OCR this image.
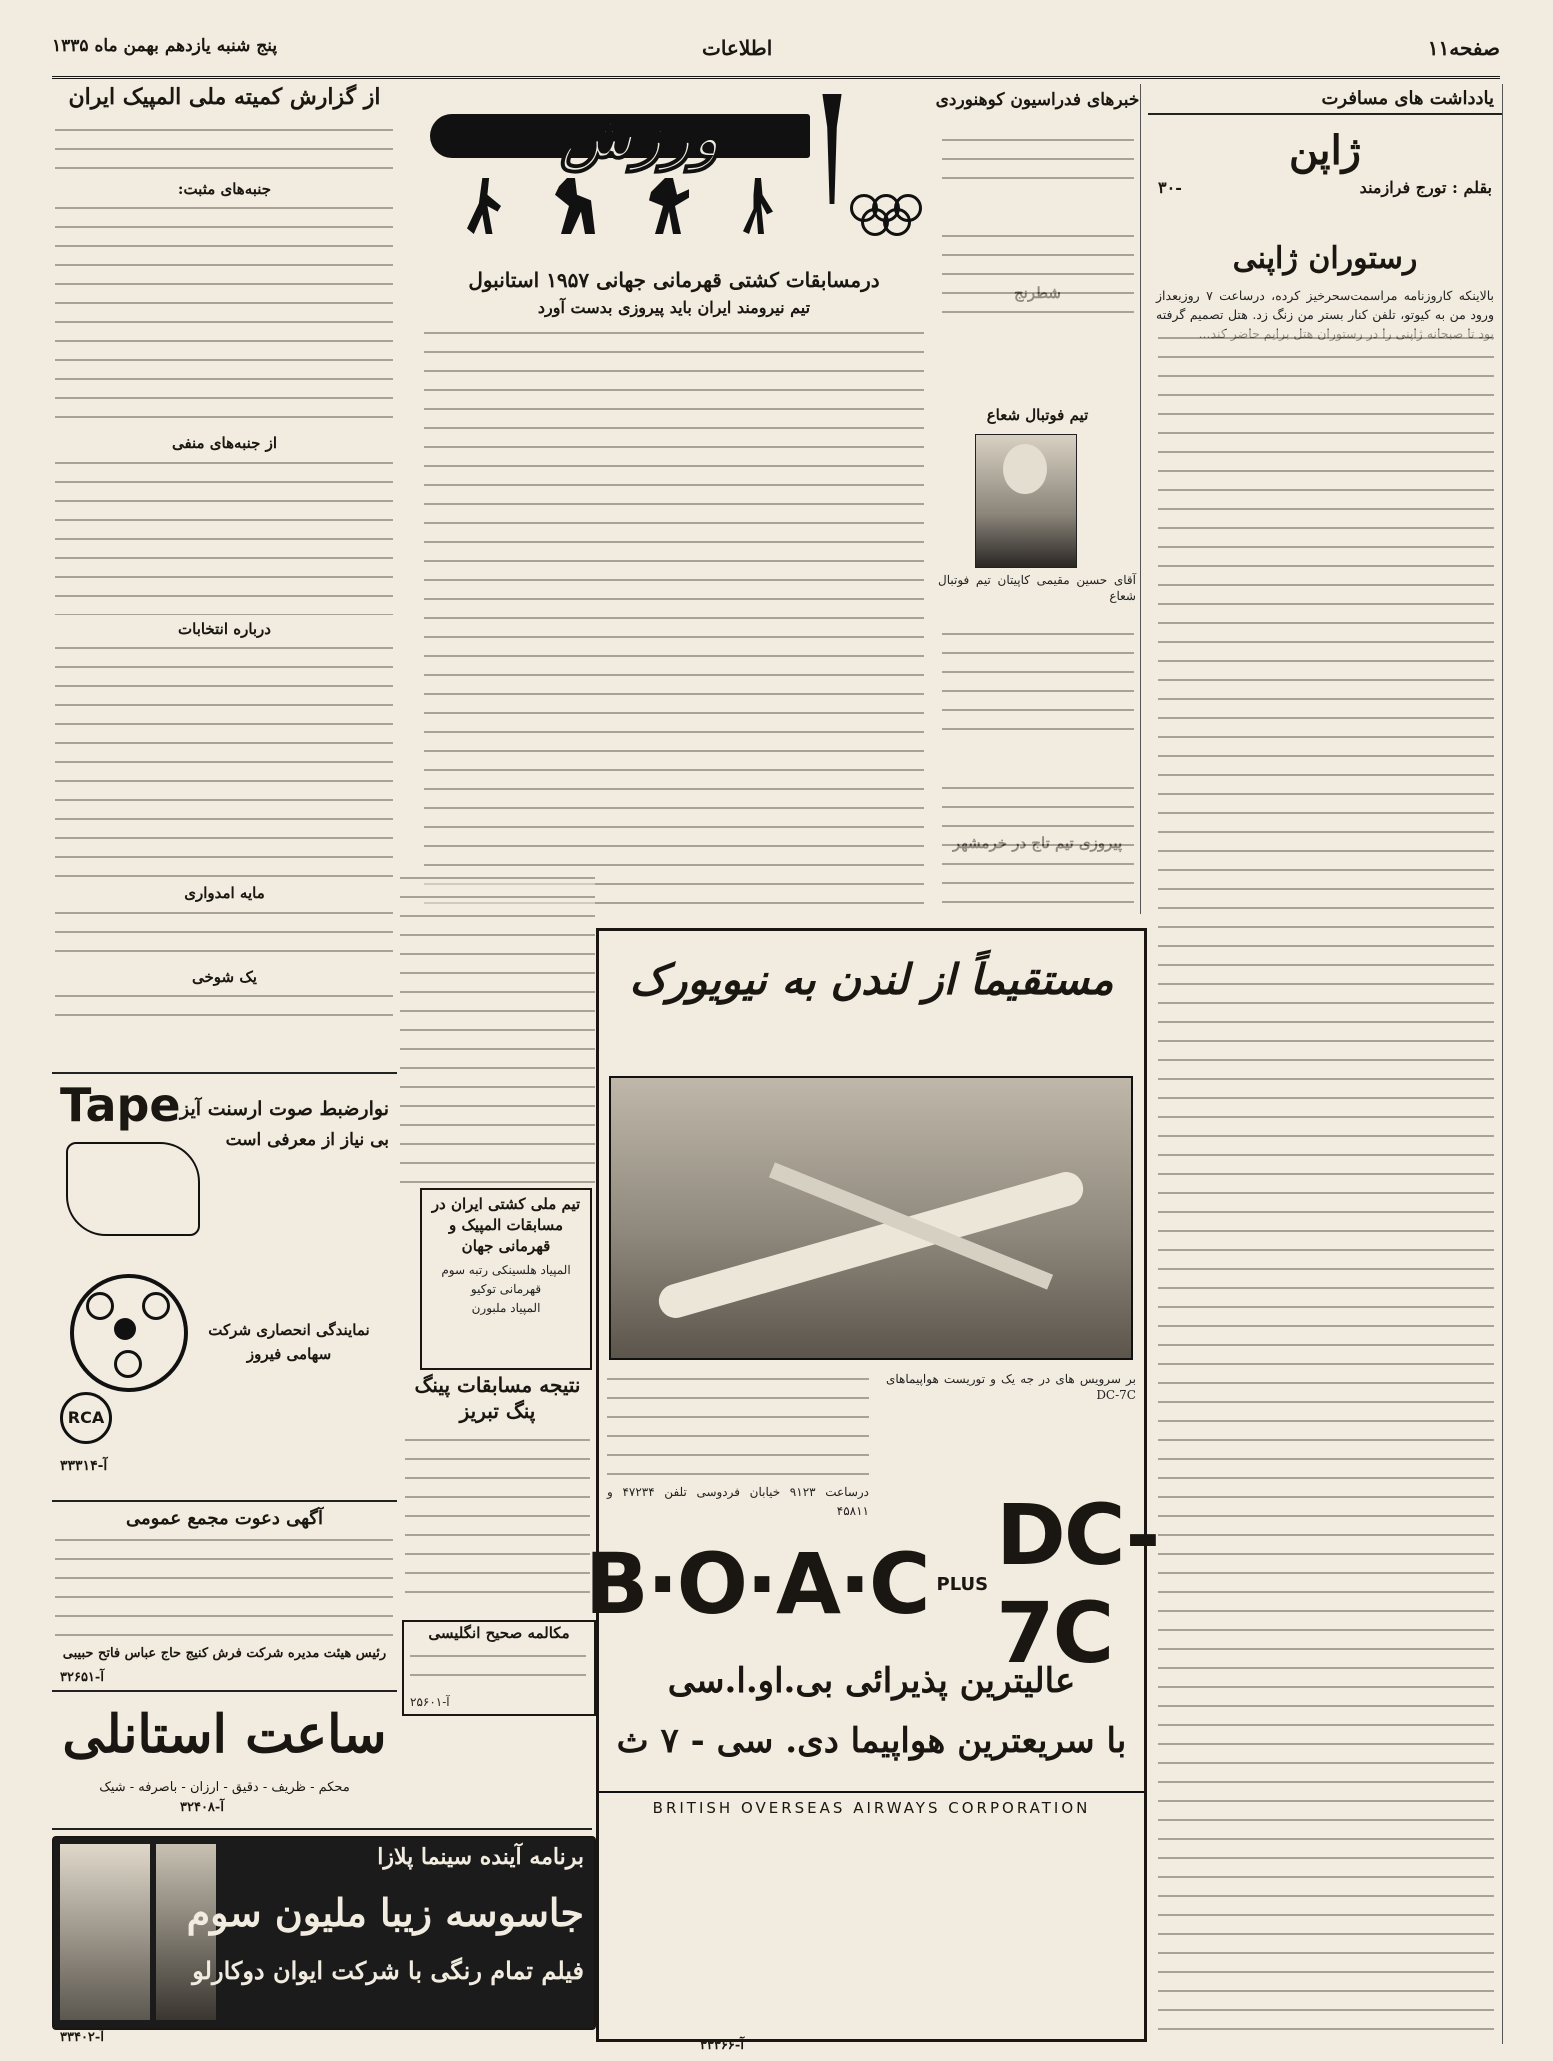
صفحه۱۱
اطلاعات
پنج شنبه یازدهم بهمن ماه ۱۳۳۵
یادداشت های مسافرت
ژاپن
بقلم : تورج فرازمند
-۳۰
رستوران ژاپنی
بالاینکه کاروزنامه مراسمت‌سحرخیز کرده، درساعت ۷ روزبعداز ورود من به کیوتو، تلفن کنار بستر من زنگ زد. هتل تصمیم گرفته
خبرهای فدراسیون کوهنوردی
تیم فوتبال شعاع
آقای حسین مقیمی کاپیتان تیم فوتبال شعاع
ورزش
درمسابقات کشتی قهرمانی جهانی ۱۹۵۷ استانبول
تیم نیرومند ایران باید پیروزی بدست آورد
تیم ملی کشتی ایران در مسابقات المپیک و قهرمانی جهان
المپیاد هلسینکی رتبه سوم
قهرمانی توکیو
المپیاد ملبورن
نتیجه مسابقات پینگ پنگ تبریز
مکالمه صحیح انگلیسی
آ-۲۵۶۰۱
از گزارش کمیته ملی المپیک ایران
جنبه‌های مثبت:
از جنبه‌های منفی
درباره انتخابات
مایه امدواری
یک شوخی
Tape نوارضبط صوت ارسنت آیز
بی نیاز از معرفی است
نمایندگی انحصاری شرکت سهامی فیروز
RCA
آ-۳۳۳۱۴
آگهی دعوت مجمع عمومی
رئیس هیئت مدیره شرکت فرش کنیج حاج عباس فاتح حبیبی
آ-۳۲۶۵۱
ساعت استانلی
محکم - ظریف - دقیق - ارزان - باصرفه - شیک
آ-۳۲۴۰۸
برنامه آینده سینما پلازا
جاسوسه زیبا ملیون سوم
فیلم تمام رنگی با شرکت ایوان دوکارلو
آ-۳۳۴۰۲
مستقیماً از لندن به نیویورک
بر سرویس های در جه یک و توریست هواپیماهای DC-7C
درساعت ۹۱۲۳ خیابان فردوسی تلفن ۴۷۲۳۴ و ۴۵۸۱۱
B·O·A·C PLUS DC-7C
عالیترین پذیرائی بی.او.ا.سی
با سریعترین هواپیما دی. سی - ۷ ث
BRITISH OVERSEAS AIRWAYS CORPORATION
آ-۳۳۳۶۶
